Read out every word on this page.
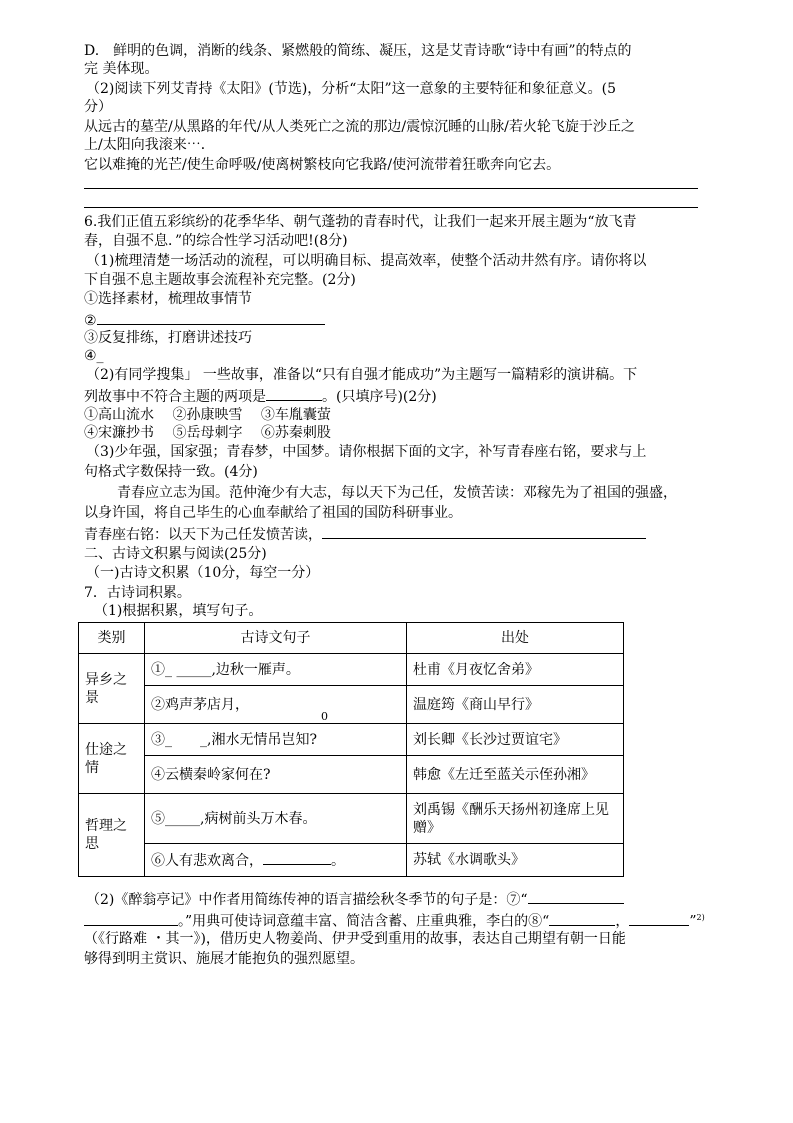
D.　鲜明的色调，消断的线条、紧燃般的简练、凝压，这是艾青诗歌“诗中有画”的特点的
完 美体现。
（2)阅读下列艾青持《太阳》(节选)，分析“太阳”这一意象的主要特征和象征意义。(5
分）
从远古的墓茔/从黑路的年代/从人类死亡之流的那边/震惊沉睡的山脉/若火轮飞旋于沙丘之
上/太阳向我滚来⋯．
它以难掩的光芒/使生命呼吸/使离树繁枝向它我路/使河流带着狂歌奔向它去。
6.我们正值五彩缤纷的花季华华、朝气蓬勃的青春时代，让我们一起来开展主题为“放飞青
春，自强不息．”的综合性学习活动吧!(8分)
（1)梳理清楚一场活动的流程，可以明确目标、提高效率，使整个活动井然有序。请你将以
下自强不息主题故事会流程补充完整。(2分)
①选择素材，梳理故事情节
②
③反复排练，打磨讲述技巧
④_
（2)有同学搜集」 一些故事，准备以“只有自强才能成功”为主题写一篇精彩的演讲稿。下
列故事中不符合主题的两项是	。(只填序号)(2分)
①高山流水　 ②孙康映雪　 ③车胤囊萤
④宋濂抄书　 ⑤岳母刺字　 ⑥苏秦刺股
（3)少年强，国家强；青春梦，中国梦。请你根据下面的文字，补写青春座右铭，要求与上
句格式字数保持一致。(4分)
青春应立志为国。范仲淹少有大志，每以天下为己任，发愤苦读：邓稼先为了祖国的强盛，
以身许国，将自己毕生的心血奉献给了祖国的国防科研事业。
青春座右铭：以天下为己任发愤苦读，
二、古诗文积累与阅读(25分)
（一)古诗文积累（10分，每空一分）
7．古诗词积累。
（1)根据积累，填写句子。
类别	古诗文句子	出处
异乡之景	①_ _____,边秋一雁声。	杜甫《月夜忆舍弟》
	②鸡声茅店月，	温庭筠《商山早行》
仕途之情	③_　　_,湘水无情吊岂知?	刘长卿《长沙过贾谊宅》
	④云横秦岭家何在?	韩愈《左迁至蓝关示侄孙湘》
哲理之思	⑤_____,病树前头万木春。	刘禹锡《酬乐天扬州初逢席上见赠》
	⑥人有悲欢离合， 。	苏轼《水调歌头》
0
（2)《醉翁亭记》中作者用简练传神的语言描绘秋冬季节的句子是：⑦“
。”用典可使诗词意蕴丰富、简洁含蓄、庄重典雅，李白的⑧“	，	”$^{2)}$
（《行路难 ・其一》)，借历史人物姜尚、伊尹受到重用的故事，表达自己期望有朝一日能
够得到明主赏识、施展才能抱负的强烈愿望。
